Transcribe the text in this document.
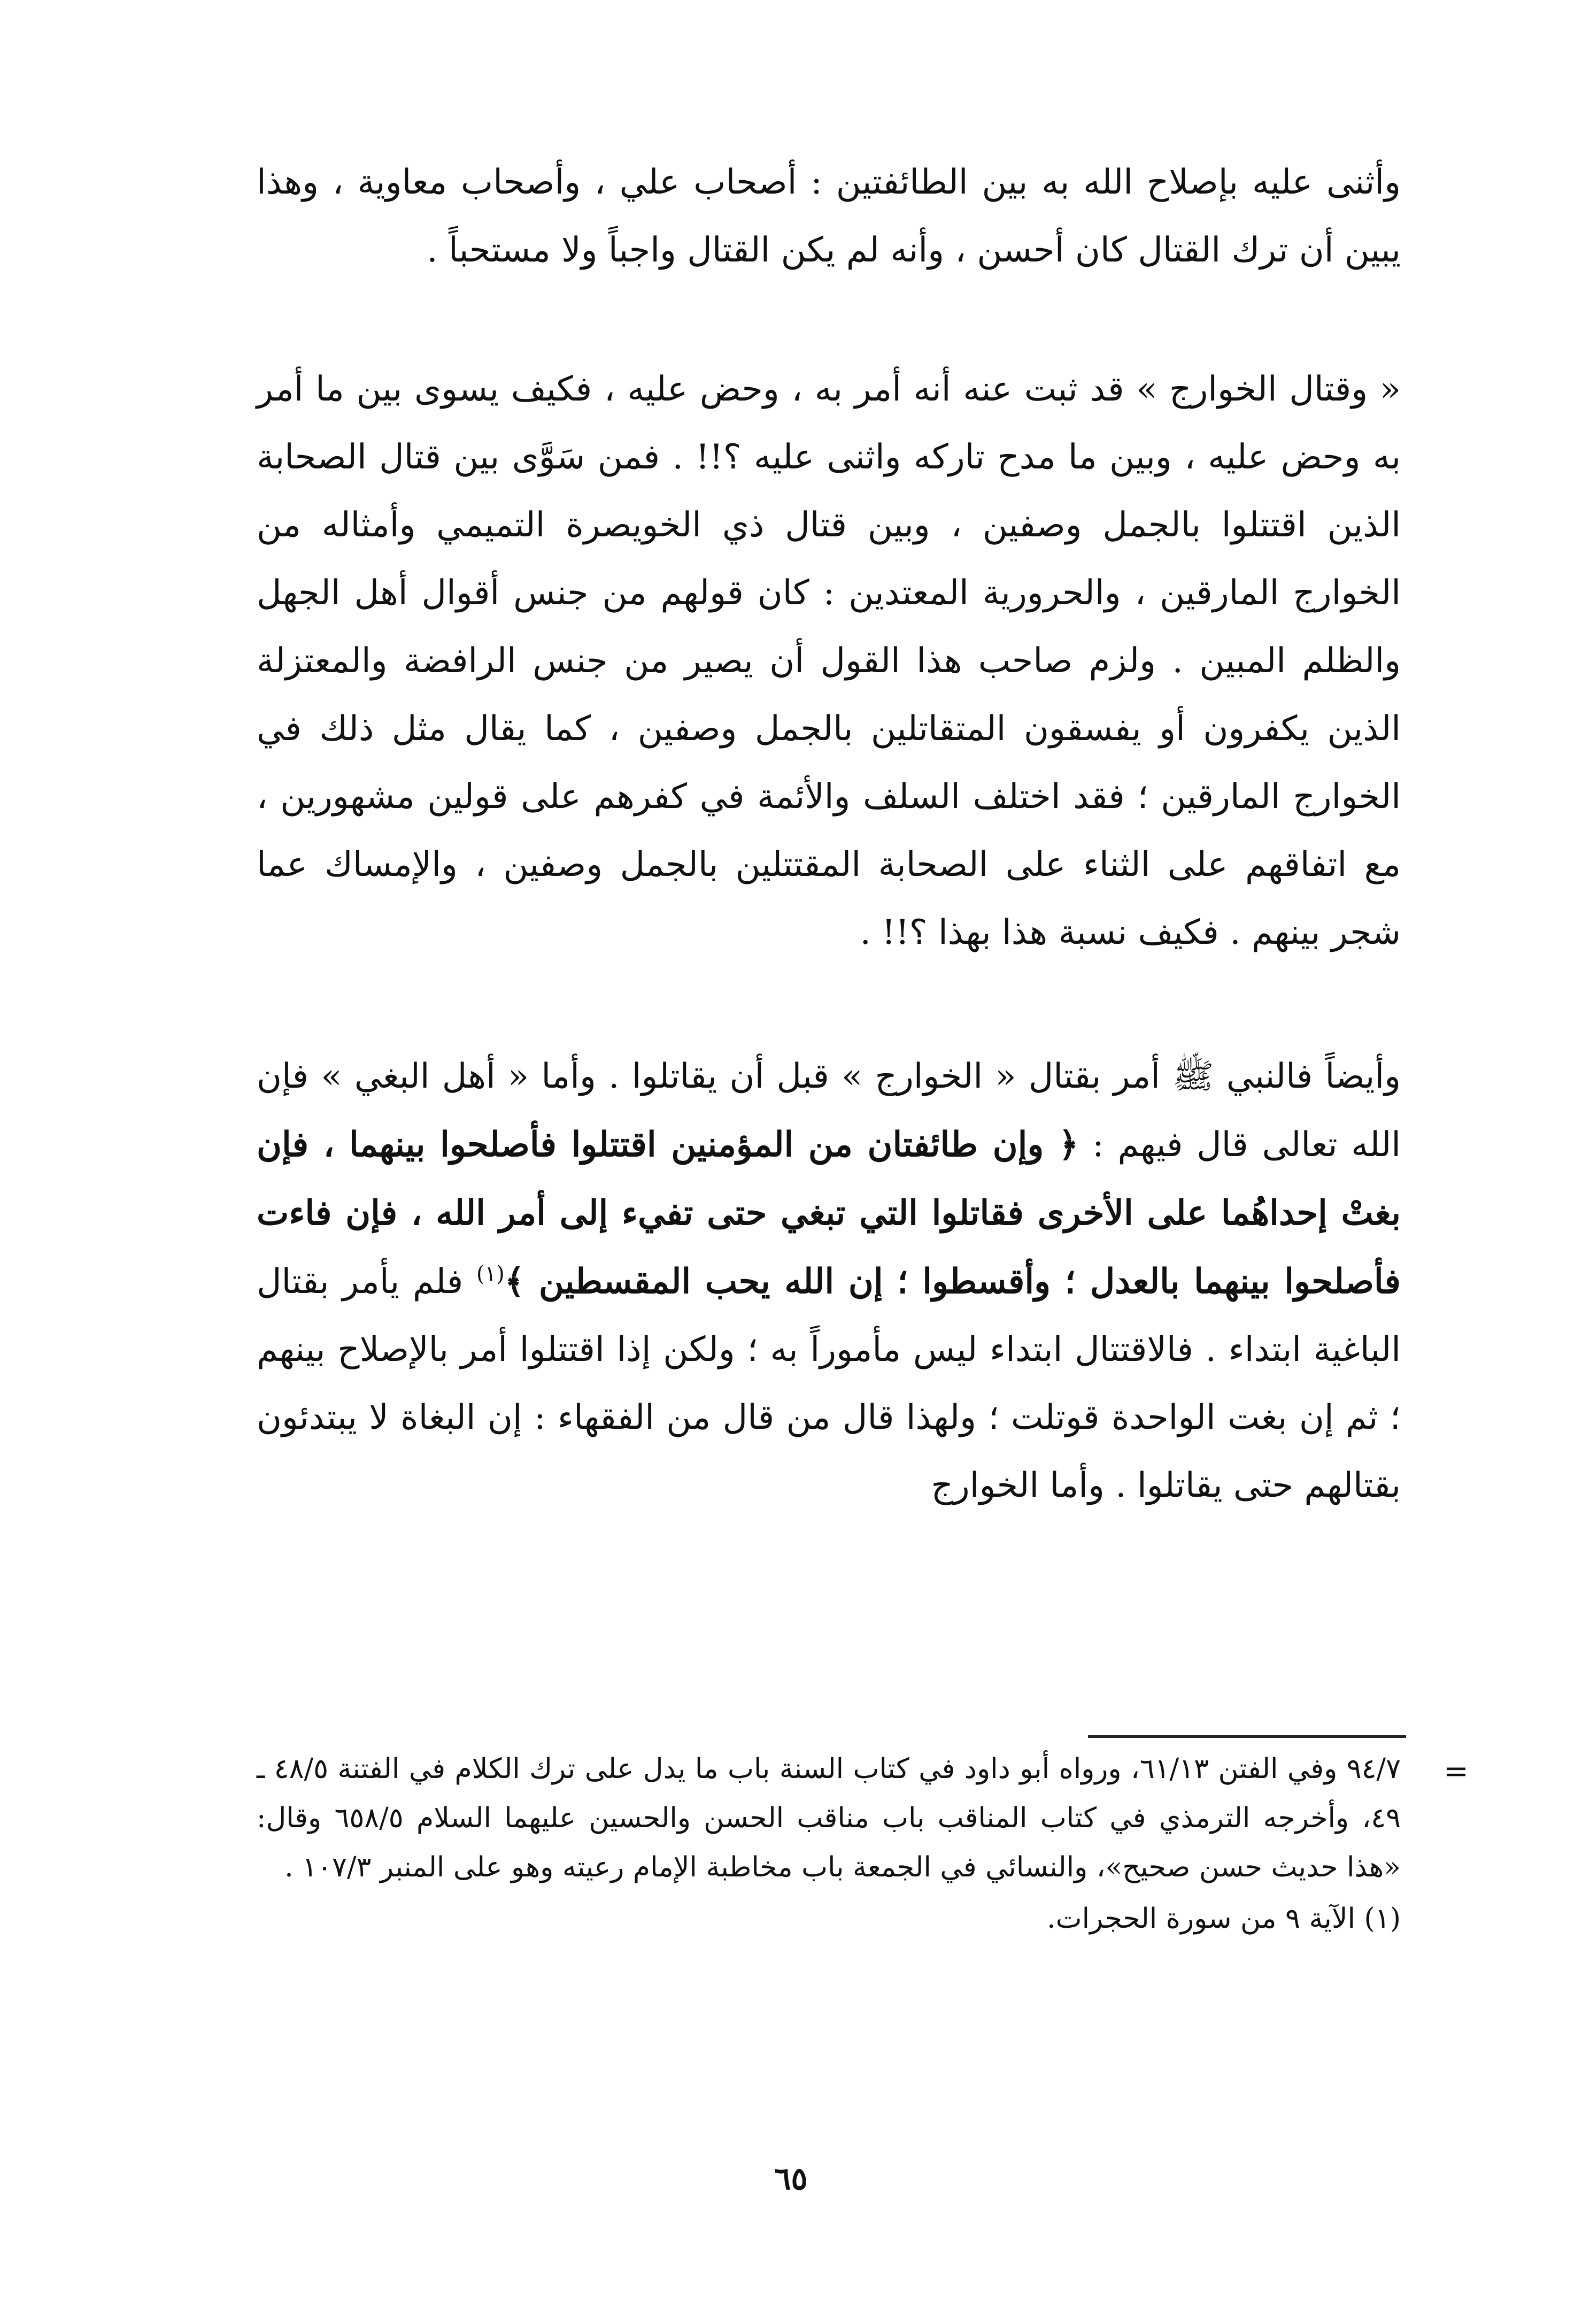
وأثنى عليه بإصلاح الله به بين الطائفتين : أصحاب علي ، وأصحاب معاوية ، وهذا يبين أن ترك القتال كان أحسن ، وأنه لم يكن القتال واجباً ولا مستحباً .

« وقتال الخوارج » قد ثبت عنه أنه أمر به ، وحض عليه ، فكيف يسوى بين ما أمر به وحض عليه ، وبين ما مدح تاركه واثنى عليه ؟!! . فمن سَوَّى بين قتال الصحابة الذين اقتتلوا بالجمل وصفين ، وبين قتال ذي الخويصرة التميمي وأمثاله من الخوارج المارقين ، والحرورية المعتدين : كان قولهم من جنس أقوال أهل الجهل والظلم المبين . ولزم صاحب هذا القول أن يصير من جنس الرافضة والمعتزلة الذين يكفرون أو يفسقون المتقاتلين بالجمل وصفين ، كما يقال مثل ذلك في الخوارج المارقين ؛ فقد اختلف السلف والأئمة في كفرهم على قولين مشهورين ، مع اتفاقهم على الثناء على الصحابة المقتتلين بالجمل وصفين ، والإمساك عما شجر بينهم . فكيف نسبة هذا بهذا ؟!! .

وأيضاً فالنبي ﷺ أمر بقتال « الخوارج » قبل أن يقاتلوا . وأما « أهل البغي » فإن الله تعالى قال فيهم : ﴿ وإن طائفتان من المؤمنين اقتتلوا فأصلحوا بينهما ، فإن بغتْ إحداهُما على الأخرى فقاتلوا التي تبغي حتى تفيء إلى أمر الله ، فإن فاءت فأصلحوا بينهما بالعدل ؛ وأقسطوا ؛ إن الله يحب المقسطين ﴾$^{(١)}$ فلم يأمر بقتال الباغية ابتداء . فالاقتتال ابتداء ليس مأموراً به ؛ ولكن إذا اقتتلوا أمر بالإصلاح بينهم ؛ ثم إن بغت الواحدة قوتلت ؛ ولهذا قال من قال من الفقهاء : إن البغاة لا يبتدئون بقتالهم حتى يقاتلوا . وأما الخوارج

=

٩٤/٧ وفي الفتن ٦١/١٣، ورواه أبو داود في كتاب السنة باب ما يدل على ترك الكلام في الفتنة ٤٨/٥ ـ ٤٩، وأخرجه الترمذي في كتاب المناقب باب مناقب الحسن والحسين عليهما السلام ٦٥٨/٥ وقال: «هذا حديث حسن صحيح»، والنسائي في الجمعة باب مخاطبة الإمام رعيته وهو على المنبر ١٠٧/٣ .

(١) الآية ٩ من سورة الحجرات.

٦٥
